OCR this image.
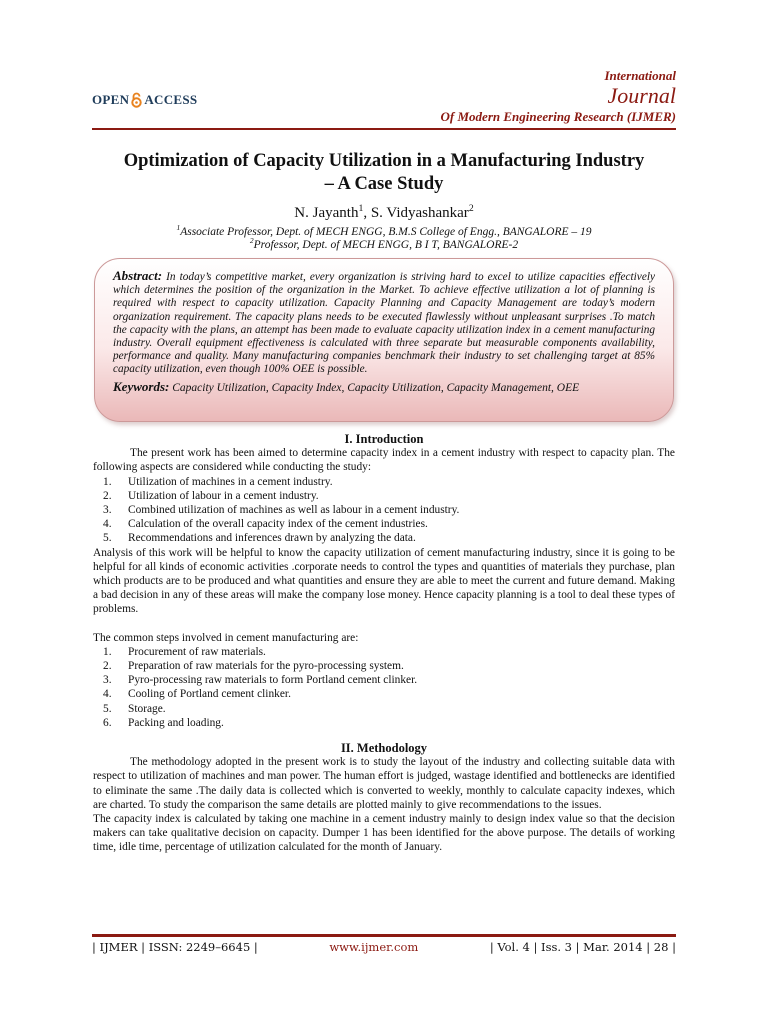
OPEN ACCESS
International
Journal
Of Modern Engineering Research (IJMER)
Optimization of Capacity Utilization in a Manufacturing Industry
– A Case Study
N. Jayanth$^1$, S. Vidyashankar$^2$
$^1$Associate Professor, Dept. of MECH ENGG, B.M.S College of Engg., BANGALORE – 19
$^2$Professor, Dept. of MECH ENGG, B I T, BANGALORE-2
Abstract: In today’s competitive market, every organization is striving hard to excel to utilize capacities effectively which determines the position of the organization in the Market. To achieve effective utilization a lot of planning is required with respect to capacity utilization. Capacity Planning and Capacity Management are today’s modern organization requirement. The capacity plans needs to be executed flawlessly without unpleasant surprises .To match the capacity with the plans, an attempt has been made to evaluate capacity utilization index in a cement manufacturing industry. Overall equipment effectiveness is calculated with three separate but measurable components availability, performance and quality. Many manufacturing companies benchmark their industry to set challenging target at 85% capacity utilization, even though 100% OEE is possible.
Keywords: Capacity Utilization, Capacity Index, Capacity Utilization, Capacity Management, OEE
I. Introduction

The present work has been aimed to determine capacity index in a cement industry with respect to capacity plan. The following aspects are considered while conducting the study:

1. Utilization of machines in a cement industry.
2. Utilization of labour in a cement industry.
3. Combined utilization of machines as well as labour in a cement industry.
4. Calculation of the overall capacity index of the cement industries.
5. Recommendations and inferences drawn by analyzing the data.

Analysis of this work will be helpful to know the capacity utilization of cement manufacturing industry, since it is going to be helpful for all kinds of economic activities .corporate needs to control the types and quantities of materials they purchase, plan which products are to be produced and what quantities and ensure they are able to meet the current and future demand. Making a bad decision in any of these areas will make the company lose money. Hence capacity planning is a tool to deal these types of problems.

The common steps involved in cement manufacturing are:

1. Procurement of raw materials.
2. Preparation of raw materials for the pyro-processing system.
3. Pyro-processing raw materials to form Portland cement clinker.
4. Cooling of Portland cement clinker.
5. Storage.
6. Packing and loading.
II. Methodology

The methodology adopted in the present work is to study the layout of the industry and collecting suitable data with respect to utilization of machines and man power. The human effort is judged, wastage identified and bottlenecks are identified to eliminate the same .The daily data is collected which is converted to weekly, monthly to calculate capacity indexes, which are charted. To study the comparison the same details are plotted mainly to give recommendations to the issues.

The capacity index is calculated by taking one machine in a cement industry mainly to design index value so that the decision makers can take qualitative decision on capacity. Dumper 1 has been identified for the above purpose. The details of working time, idle time, percentage of utilization calculated for the month of January.

| IJMER | ISSN: 2249–6645 |	www.ijmer.com	| Vol. 4 | Iss. 3 | Mar. 2014 | 28 |
